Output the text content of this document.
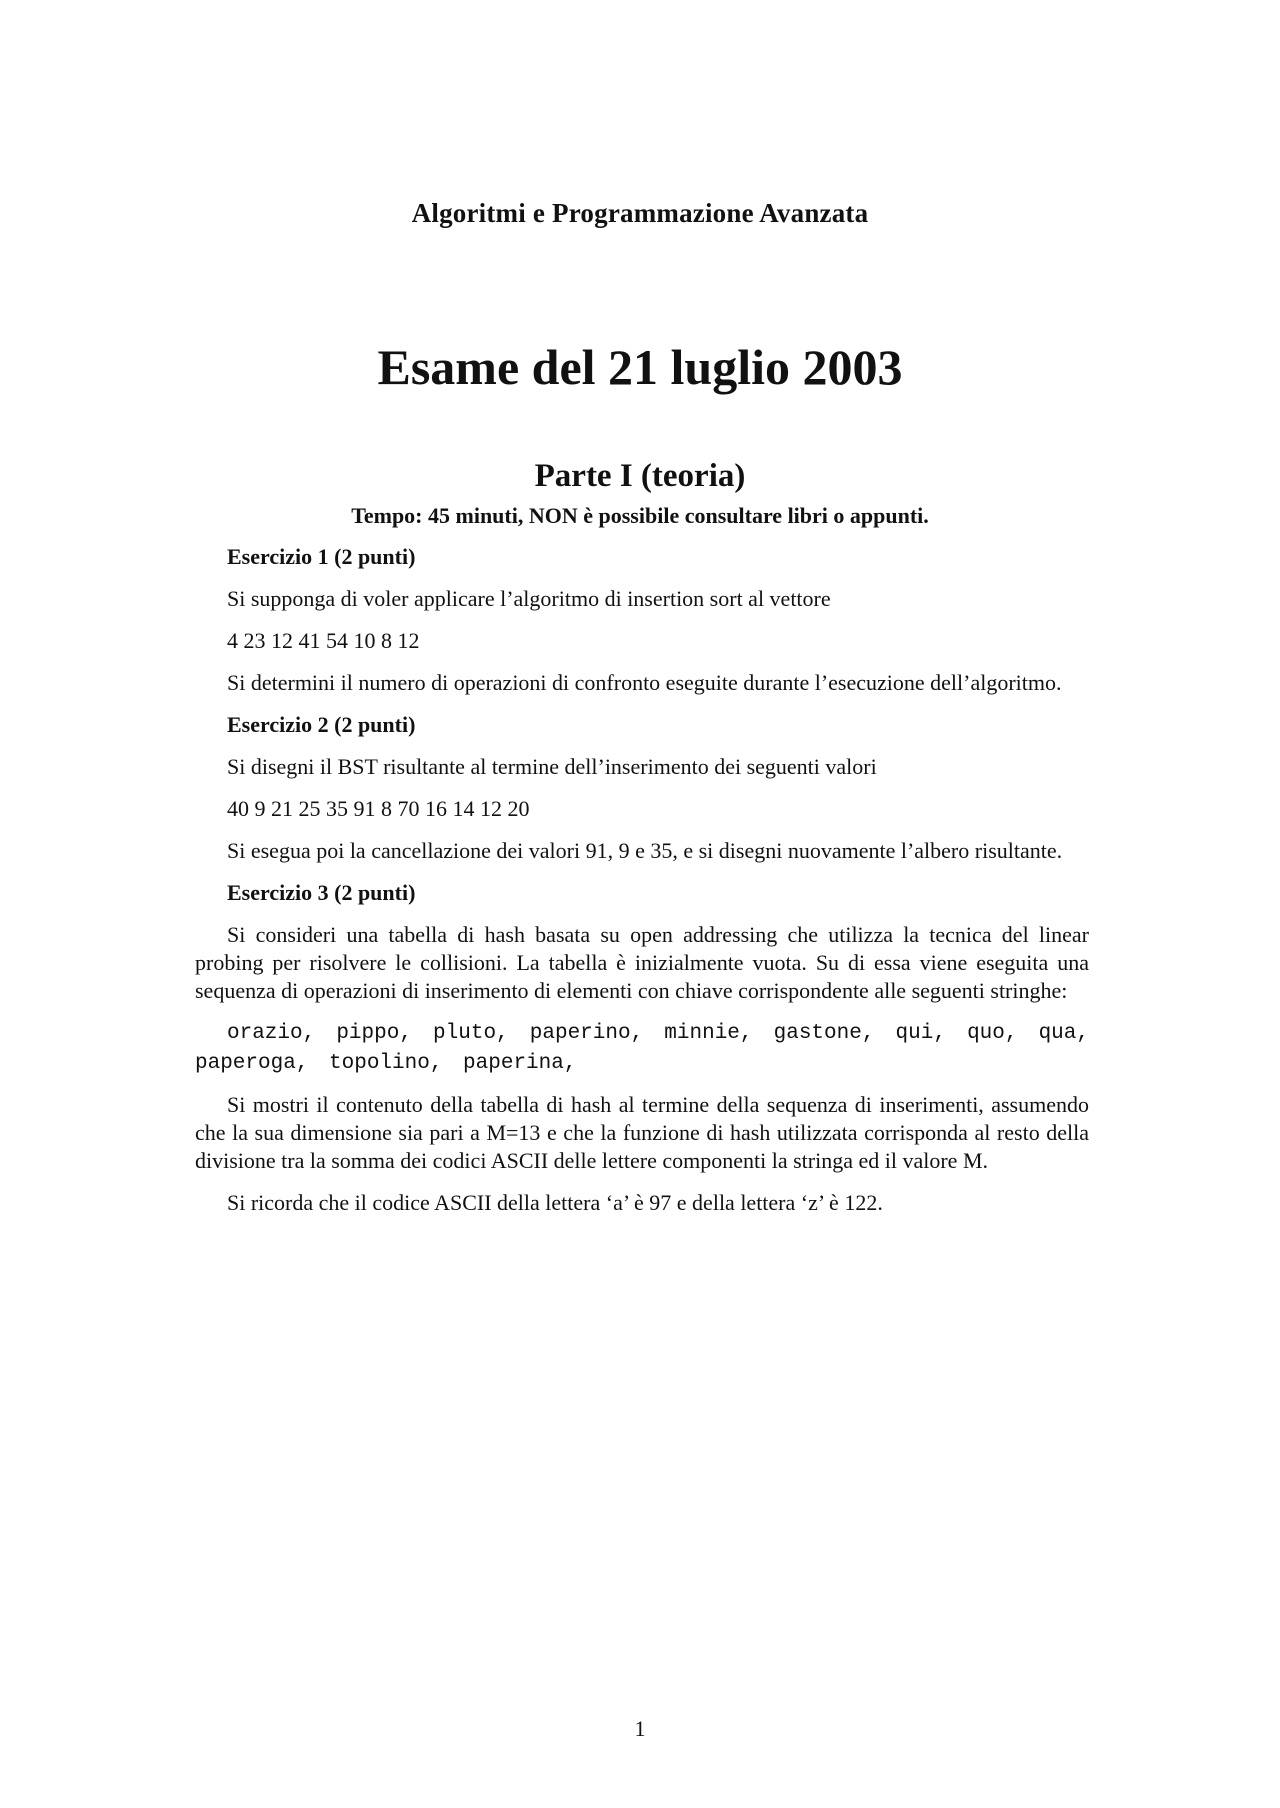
Algoritmi e Programmazione Avanzata
Esame del 21 luglio 2003
Parte I (teoria)
Tempo: 45 minuti, NON è possibile consultare libri o appunti.
Esercizio 1 (2 punti)
Si supponga di voler applicare l’algoritmo di insertion sort al vettore
4 23 12 41 54 10 8 12
Si determini il numero di operazioni di confronto eseguite durante l’esecuzione dell’algoritmo.
Esercizio 2 (2 punti)
Si disegni il BST risultante al termine dell’inserimento dei seguenti valori
40 9 21 25 35 91 8 70 16 14 12 20
Si esegua poi la cancellazione dei valori 91, 9 e 35, e si disegni nuovamente l’albero risultante.
Esercizio 3 (2 punti)
Si consideri una tabella di hash basata su open addressing che utilizza la tecnica del linear probing per risolvere le collisioni. La tabella è inizialmente vuota. Su di essa viene eseguita una sequenza di operazioni di inserimento di elementi con chiave corrispondente alle seguenti stringhe:
orazio, pippo, pluto, paperino, minnie, gastone, qui, quo, qua, paperoga, topolino, paperina,
Si mostri il contenuto della tabella di hash al termine della sequenza di inserimenti, assumendo che la sua dimensione sia pari a M=13 e che la funzione di hash utilizzata corrisponda al resto della divisione tra la somma dei codici ASCII delle lettere componenti la stringa ed il valore M.
Si ricorda che il codice ASCII della lettera ‘a’ è 97 e della lettera ‘z’ è 122.
1
